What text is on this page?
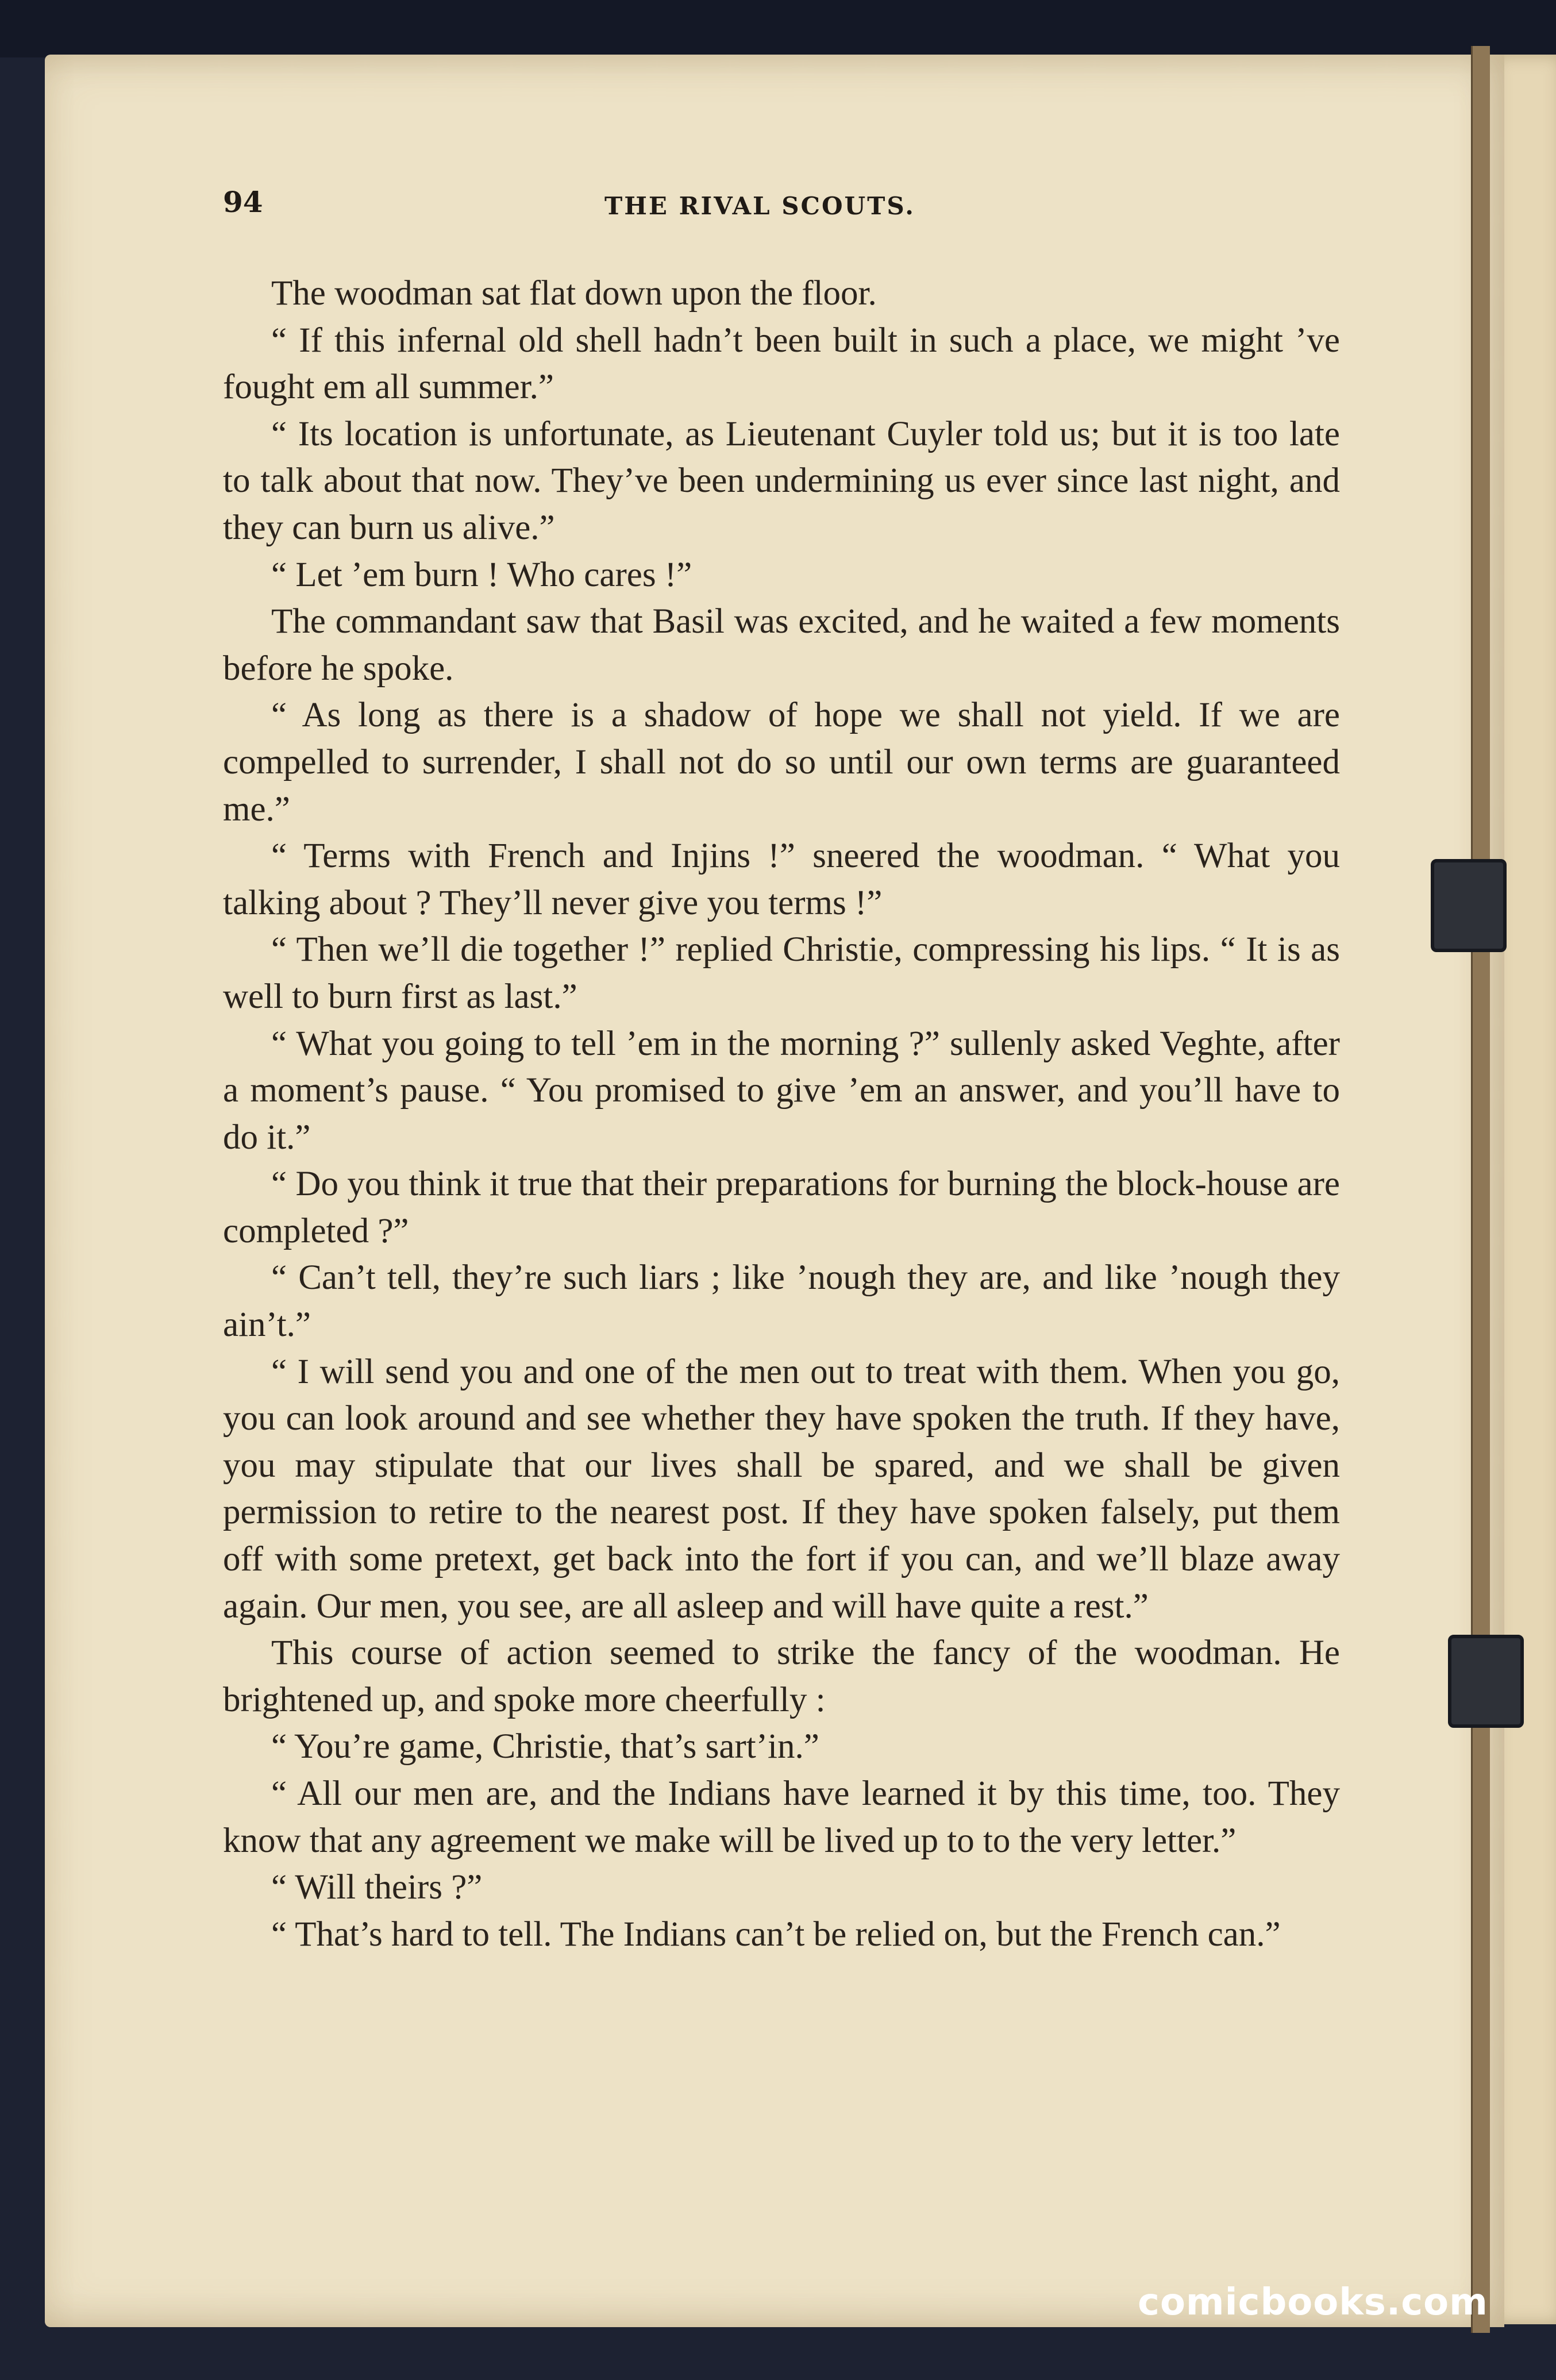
94	THE RIVAL SCOUTS.

The woodman sat flat down upon the floor.

“ If this infernal old shell hadn’t been built in such a place, we might ’ve fought em all summer.”

“ Its location is unfortunate, as Lieutenant Cuyler told us; but it is too late to talk about that now. They’ve been undermining us ever since last night, and they can burn us alive.”

“ Let ’em burn ! Who cares !”

The commandant saw that Basil was excited, and he waited a few moments before he spoke.

“ As long as there is a shadow of hope we shall not yield. If we are compelled to surrender, I shall not do so until our own terms are guaranteed me.”

“ Terms with French and Injins !” sneered the woodman. “ What you talking about ? They’ll never give you terms !”

“ Then we’ll die together !” replied Christie, compressing his lips. “ It is as well to burn first as last.”

“ What you going to tell ’em in the morning ?” sullenly asked Veghte, after a moment’s pause. “ You promised to give ’em an answer, and you’ll have to do it.”

“ Do you think it true that their preparations for burning the block-house are completed ?”

“ Can’t tell, they’re such liars ; like ’nough they are, and like ’nough they ain’t.”

“ I will send you and one of the men out to treat with them. When you go, you can look around and see whether they have spoken the truth. If they have, you may stipulate that our lives shall be spared, and we shall be given permission to retire to the nearest post. If they have spoken falsely, put them off with some pretext, get back into the fort if you can, and we’ll blaze away again. Our men, you see, are all asleep and will have quite a rest.”

This course of action seemed to strike the fancy of the woodman. He brightened up, and spoke more cheerfully :

“ You’re game, Christie, that’s sart’in.”

“ All our men are, and the Indians have learned it by this time, too. They know that any agreement we make will be lived up to to the very letter.”

“ Will theirs ?”

“ That’s hard to tell. The Indians can’t be relied on, but the French can.”

comicbooks.com
